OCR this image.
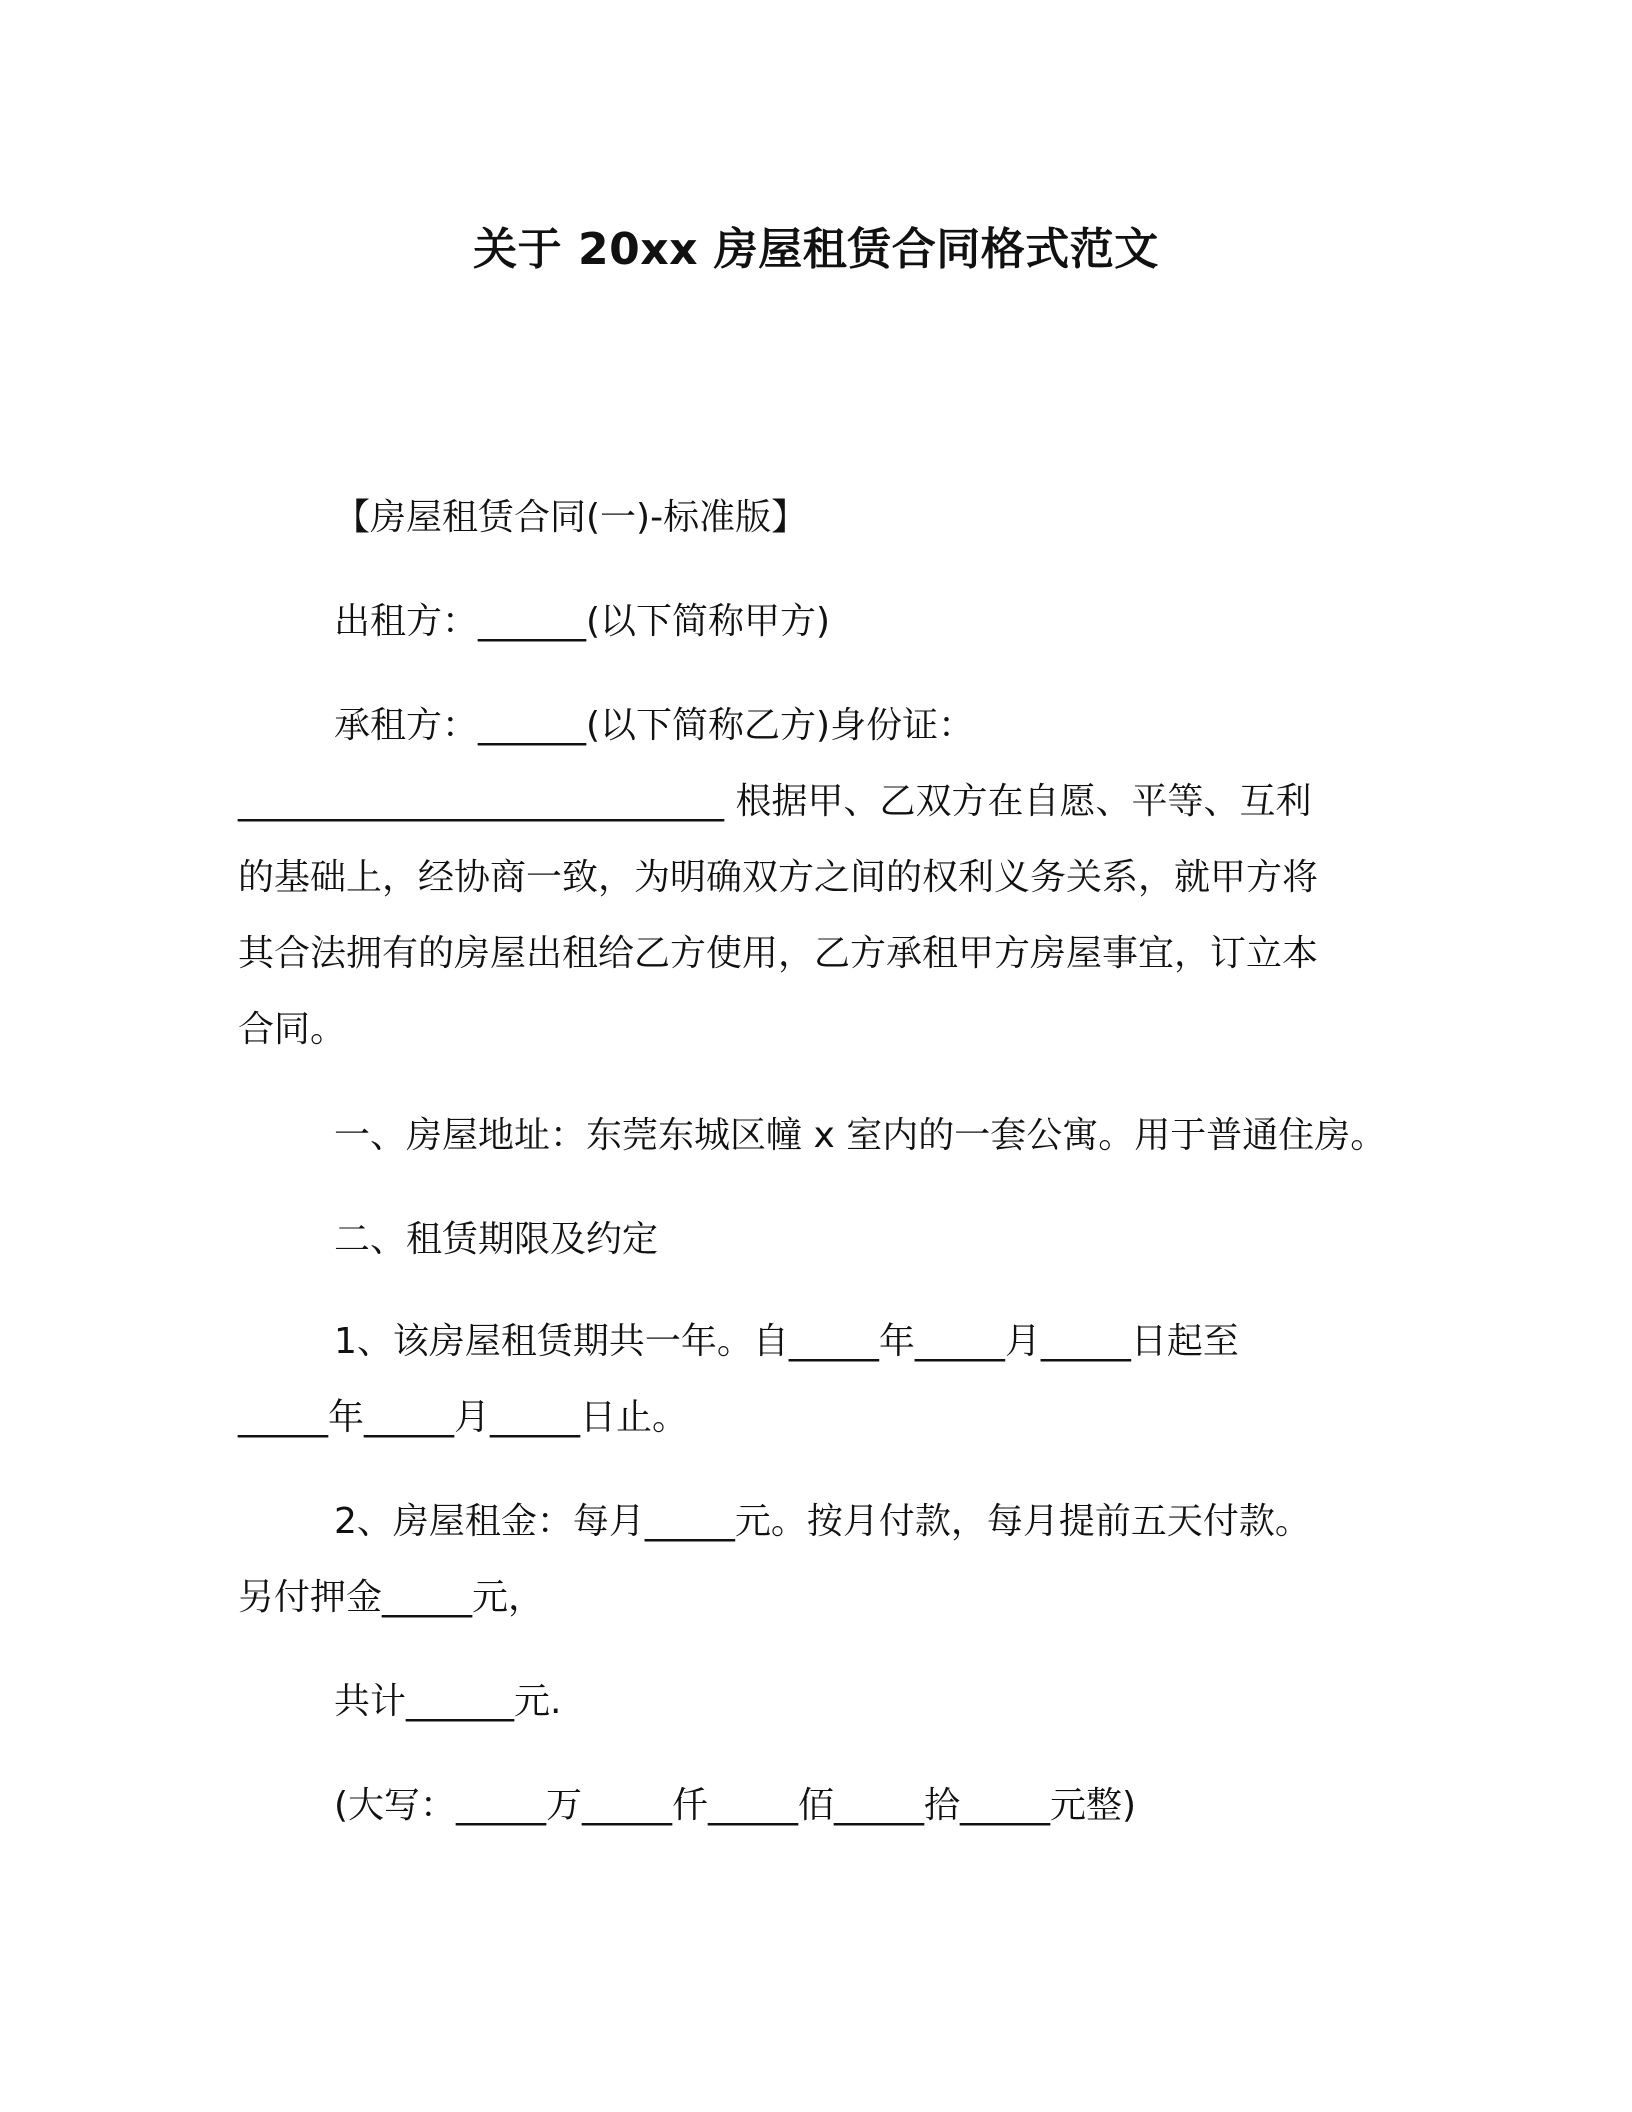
关于 20xx 房屋租赁合同格式范文
【房屋租赁合同(一)-标准版】
出租方：______(以下简称甲方)
承租方：______(以下简称乙方)身份证：
___________________________ 根据甲、乙双方在自愿、平等、互利
的基础上，经协商一致，为明确双方之间的权利义务关系，就甲方将
其合法拥有的房屋出租给乙方使用，乙方承租甲方房屋事宜，订立本
合同。
一、房屋地址：东莞东城区幢 x 室内的一套公寓。用于普通住房。
二、租赁期限及约定
1、该房屋租赁期共一年。自_____年_____月_____日起至
_____年_____月_____日止。
2、房屋租金：每月_____元。按月付款，每月提前五天付款。
另付押金_____元，
共计______元.
(大写：_____万_____仟_____佰_____拾_____元整)
